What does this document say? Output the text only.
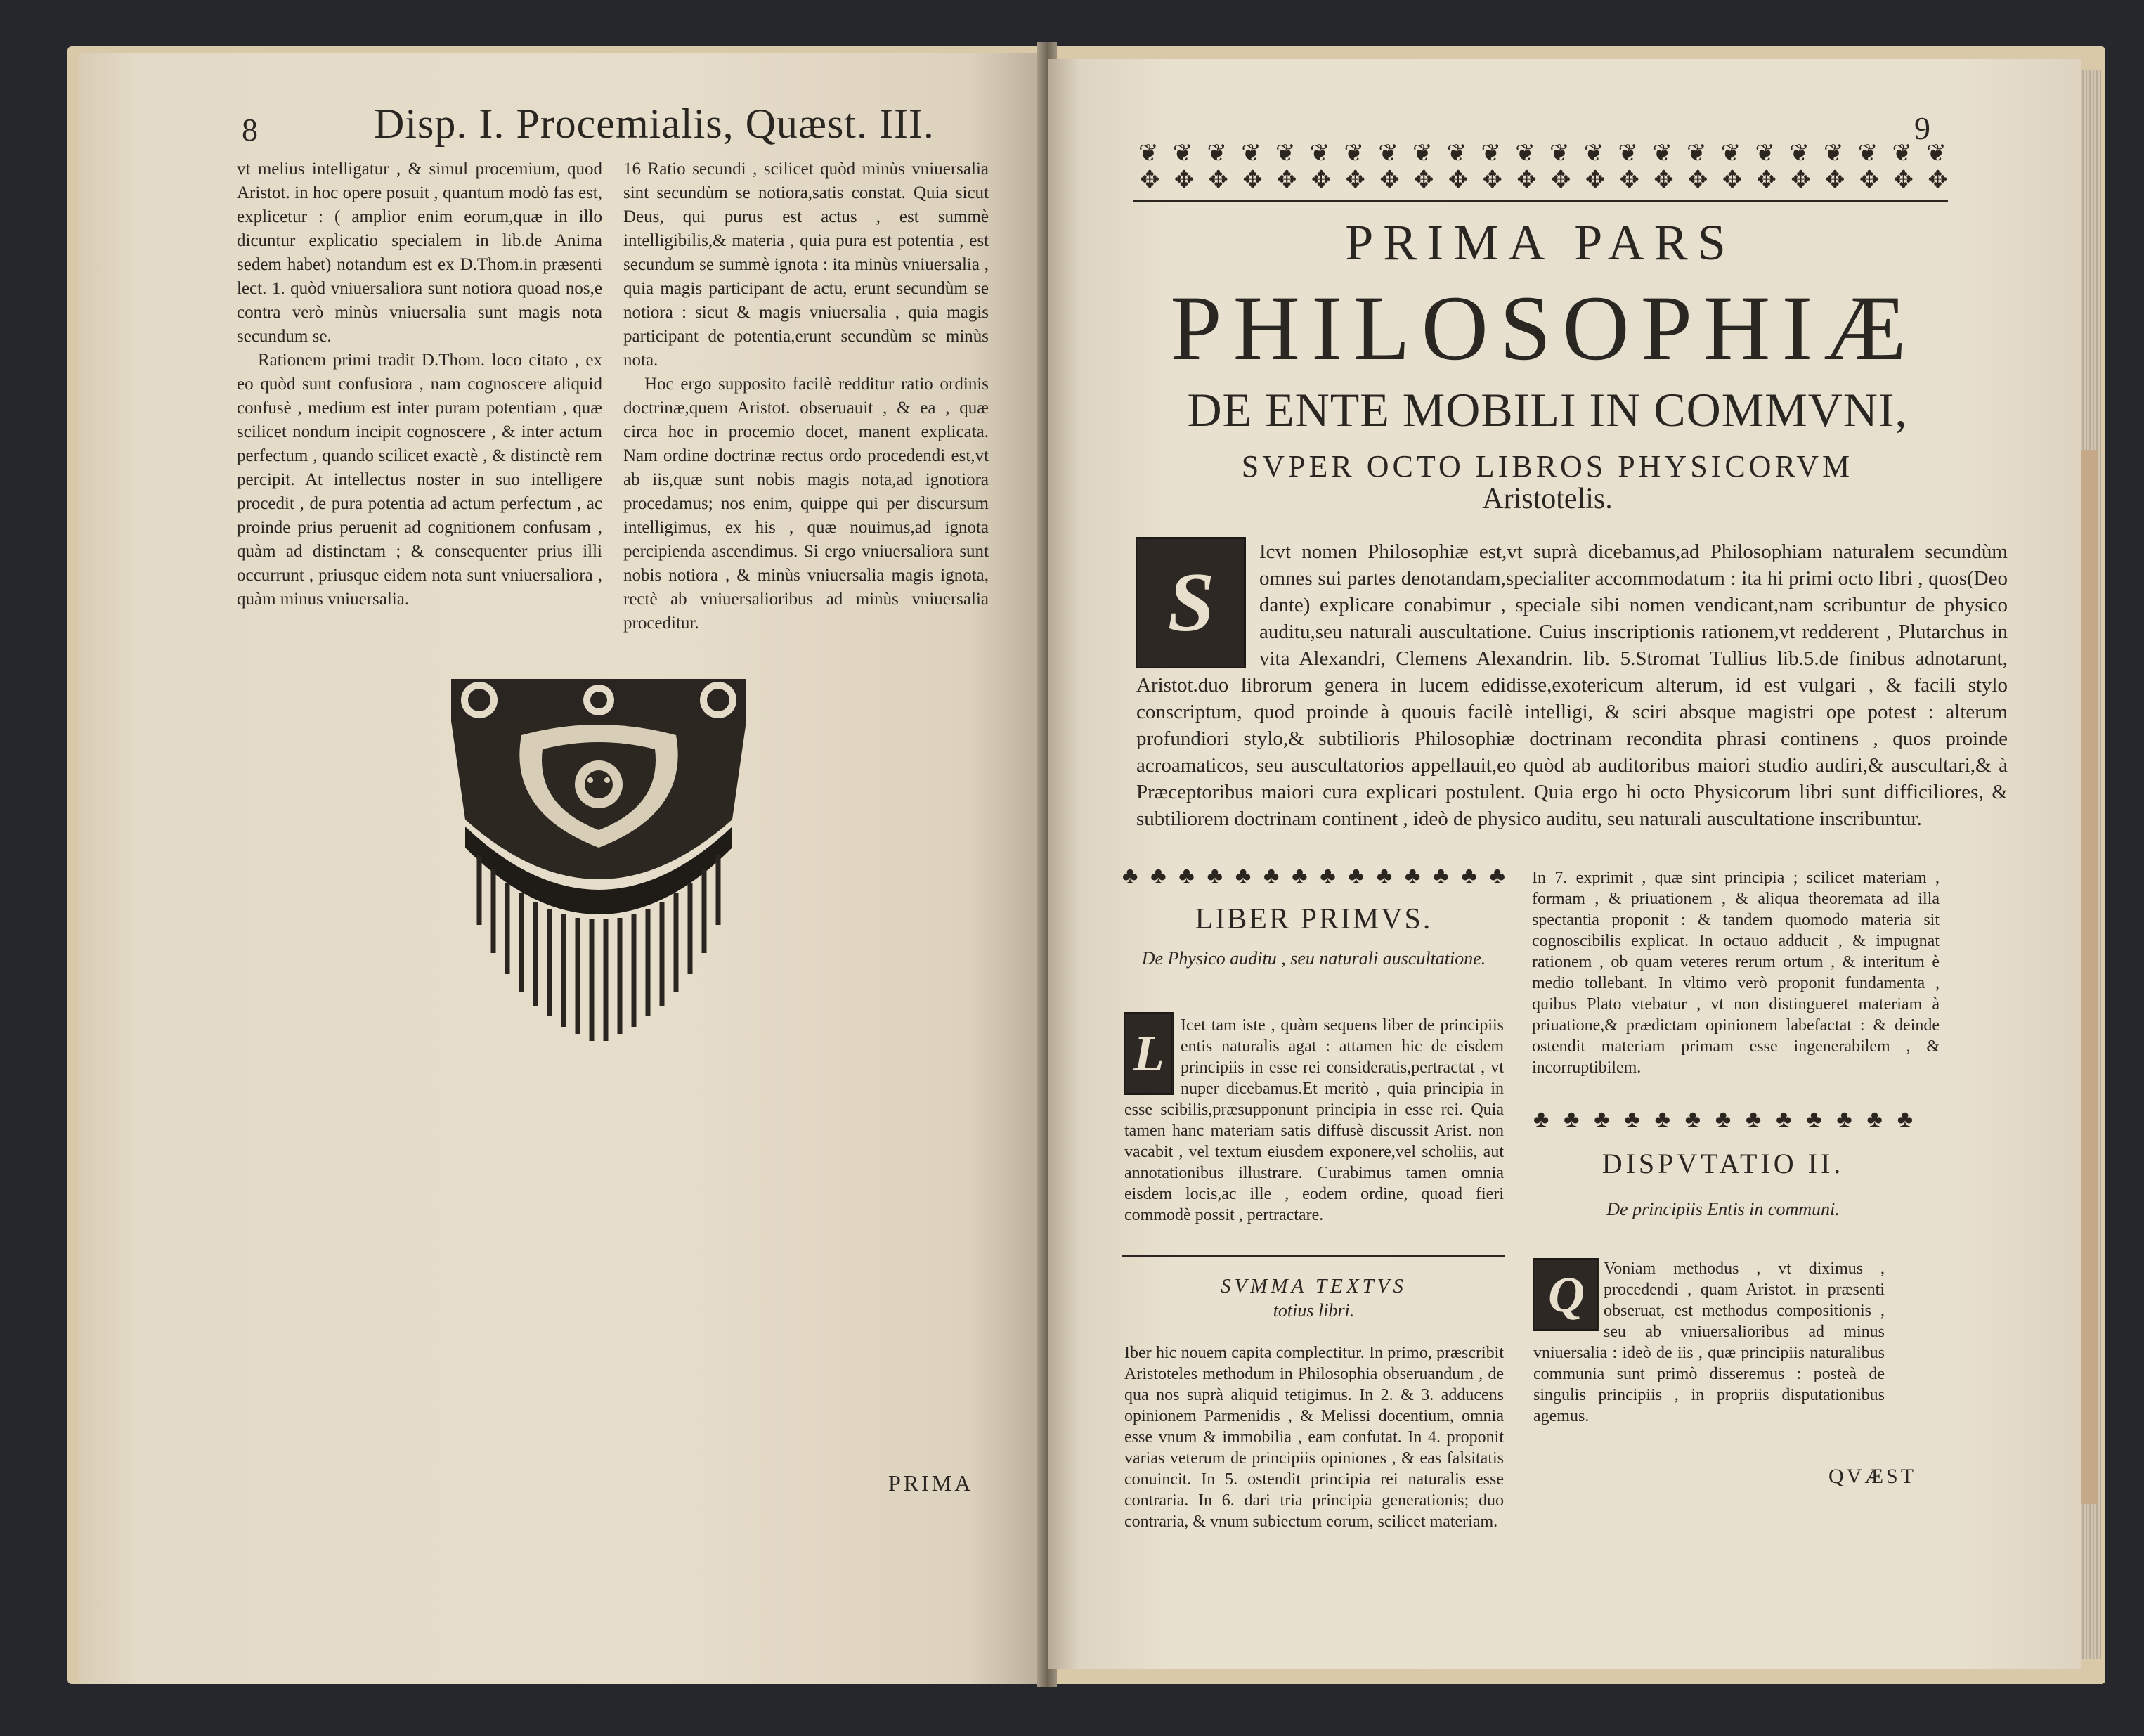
8	Disp. I. Procemialis, Quæst. III.

vt melius intelligatur , & simul procemium, quod Aristot. in hoc opere posuit , quantum modò fas est, explicetur : ( amplior enim eorum,quæ in illo dicuntur explicatio specialem in lib.de Anima sedem habet) notandum est ex D.Thom.in præsenti lect. 1. quòd vniuersaliora sunt notiora quoad nos,e contra verò minùs vniuersalia sunt magis nota secundum se.

Rationem primi tradit D.Thom. loco citato , ex eo quòd sunt confusiora , nam cognoscere aliquid confusè , medium est inter puram potentiam , quæ scilicet nondum incipit cognoscere , & inter actum perfectum , quando scilicet exactè , & distinctè rem percipit. At intellectus noster in suo intelligere procedit , de pura potentia ad actum perfectum , ac proinde prius peruenit ad cognitionem confusam , quàm ad distinctam ; & consequenter prius illi occurrunt , priusque eidem nota sunt vniuersaliora , quàm minus vniuersalia.

16 Ratio secundi , scilicet quòd minùs vniuersalia sint secundùm se notiora,satis constat. Quia sicut Deus, qui purus est actus , est summè intelligibilis,& materia , quia pura est potentia , est secundum se summè ignota : ita minùs vniuersalia , quia magis participant de actu, erunt secundùm se notiora : sicut & magis vniuersalia , quia magis participant de potentia,erunt secundùm se minùs nota.

Hoc ergo supposito facilè redditur ratio ordinis doctrinæ,quem Aristot. obseruauit , & ea , quæ circa hoc in procemio docet, manent explicata. Nam ordine doctrinæ rectus ordo procedendi est,vt ab iis,quæ sunt nobis magis nota,ad ignotiora procedamus; nos enim, quippe qui per discursum intelligimus, ex his , quæ nouimus,ad ignota percipienda ascendimus. Si ergo vniuersaliora sunt nobis notiora , & minùs vniuersalia magis ignota, rectè ab vniuersalioribus ad minùs vniuersalia proceditur.

PRIMA
9
❦ ❦ ❦ ❦ ❦ ❦ ❦ ❦ ❦ ❦ ❦ ❦ ❦ ❦ ❦ ❦ ❦ ❦ ❦ ❦ ❦ ❦ ❦ ❦
✥ ✥ ✥ ✥ ✥ ✥ ✥ ✥ ✥ ✥ ✥ ✥ ✥ ✥ ✥ ✥ ✥ ✥ ✥ ✥ ✥ ✥ ✥ ✥
PRIMA PARS
PHILOSOPHIÆ
DE ENTE MOBILI IN COMMVNI,
SVPER OCTO LIBROS PHYSICORVM
Aristotelis.
S
Icvt nomen Philosophiæ est,vt suprà dicebamus,ad Philosophiam naturalem secundùm omnes sui partes denotandam,specialiter accommodatum : ita hi primi octo libri , quos(Deo dante) explicare conabimur , speciale sibi nomen vendicant,nam scribuntur de physico auditu,seu naturali auscultatione. Cuius inscriptionis rationem,vt redderent , Plutarchus in vita Alexandri, Clemens Alexandrin. lib. 5.Stromat Tullius lib.5.de finibus adnotarunt, Aristot.duo librorum genera in lucem edidisse,exotericum alterum, id est vulgari , & facili stylo conscriptum, quod proinde à quouis facilè intelligi, & sciri absque magistri ope potest : alterum profundiori stylo,& subtilioris Philosophiæ doctrinam recondita phrasi continens , quos proinde acroamaticos, seu auscultatorios appellauit,eo quòd ab auditoribus maiori studio audiri,& auscultari,& à Præceptoribus maiori cura explicari postulent. Quia ergo hi octo Physicorum libri sunt difficiliores, & subtiliorem doctrinam continent , ideò de physico auditu, seu naturali auscultatione inscribuntur.
♣ ♣ ♣ ♣ ♣ ♣ ♣ ♣ ♣ ♣ ♣ ♣ ♣ ♣
LIBER PRIMVS.
De Physico auditu , seu naturali auscultatione.
L Icet tam iste , quàm sequens liber de principiis entis naturalis agat : attamen hic de eisdem principiis in esse rei consideratis,pertractat , vt nuper dicebamus.Et meritò , quia principia in esse scibilis,præsupponunt principia in esse rei. Quia tamen hanc materiam satis diffusè discussit Arist. non vacabit , vel textum eiusdem exponere,vel scholiis, aut annotationibus illustrare. Curabimus tamen omnia eisdem locis,ac ille , eodem ordine, quoad fieri commodè possit , pertractare.
SVMMA TEXTVS
totius libri.
Iber hic nouem capita complectitur. In primo, præscribit Aristoteles methodum in Philosophia obseruandum , de qua nos suprà aliquid tetigimus. In 2. & 3. adducens opinionem Parmenidis , & Melissi docentium, omnia esse vnum & immobilia , eam confutat. In 4. proponit varias veterum de principiis opiniones , & eas falsitatis conuincit. In 5. ostendit principia rei naturalis esse contraria. In 6. dari tria principia generationis; duo contraria, & vnum subiectum eorum, scilicet materiam.
In 7. exprimit , quæ sint principia ; scilicet materiam , formam , & priuationem , & aliqua theoremata ad illa spectantia proponit : & tandem quomodo materia sit cognoscibilis explicat. In octauo adducit , & impugnat rationem , ob quam veteres rerum ortum , & interitum è medio tollebant. In vltimo verò proponit fundamenta , quibus Plato vtebatur , vt non distingueret materiam à priuatione,& prædictam opinionem labefactat : & deinde ostendit materiam primam esse ingenerabilem , & incorruptibilem.
♣ ♣ ♣ ♣ ♣ ♣ ♣ ♣ ♣ ♣ ♣ ♣ ♣
DISPVTATIO II.
De principiis Entis in communi.
Q	Voniam methodus , vt diximus , procedendi , quam Aristot. in præsenti obseruat, est methodus compositionis , seu ab vniuersalioribus ad minus vniuersalia : ideò de iis , quæ principiis naturalibus communia sunt primò disseremus : posteà de singulis principiis , in propriis disputationibus agemus.
QVÆST
